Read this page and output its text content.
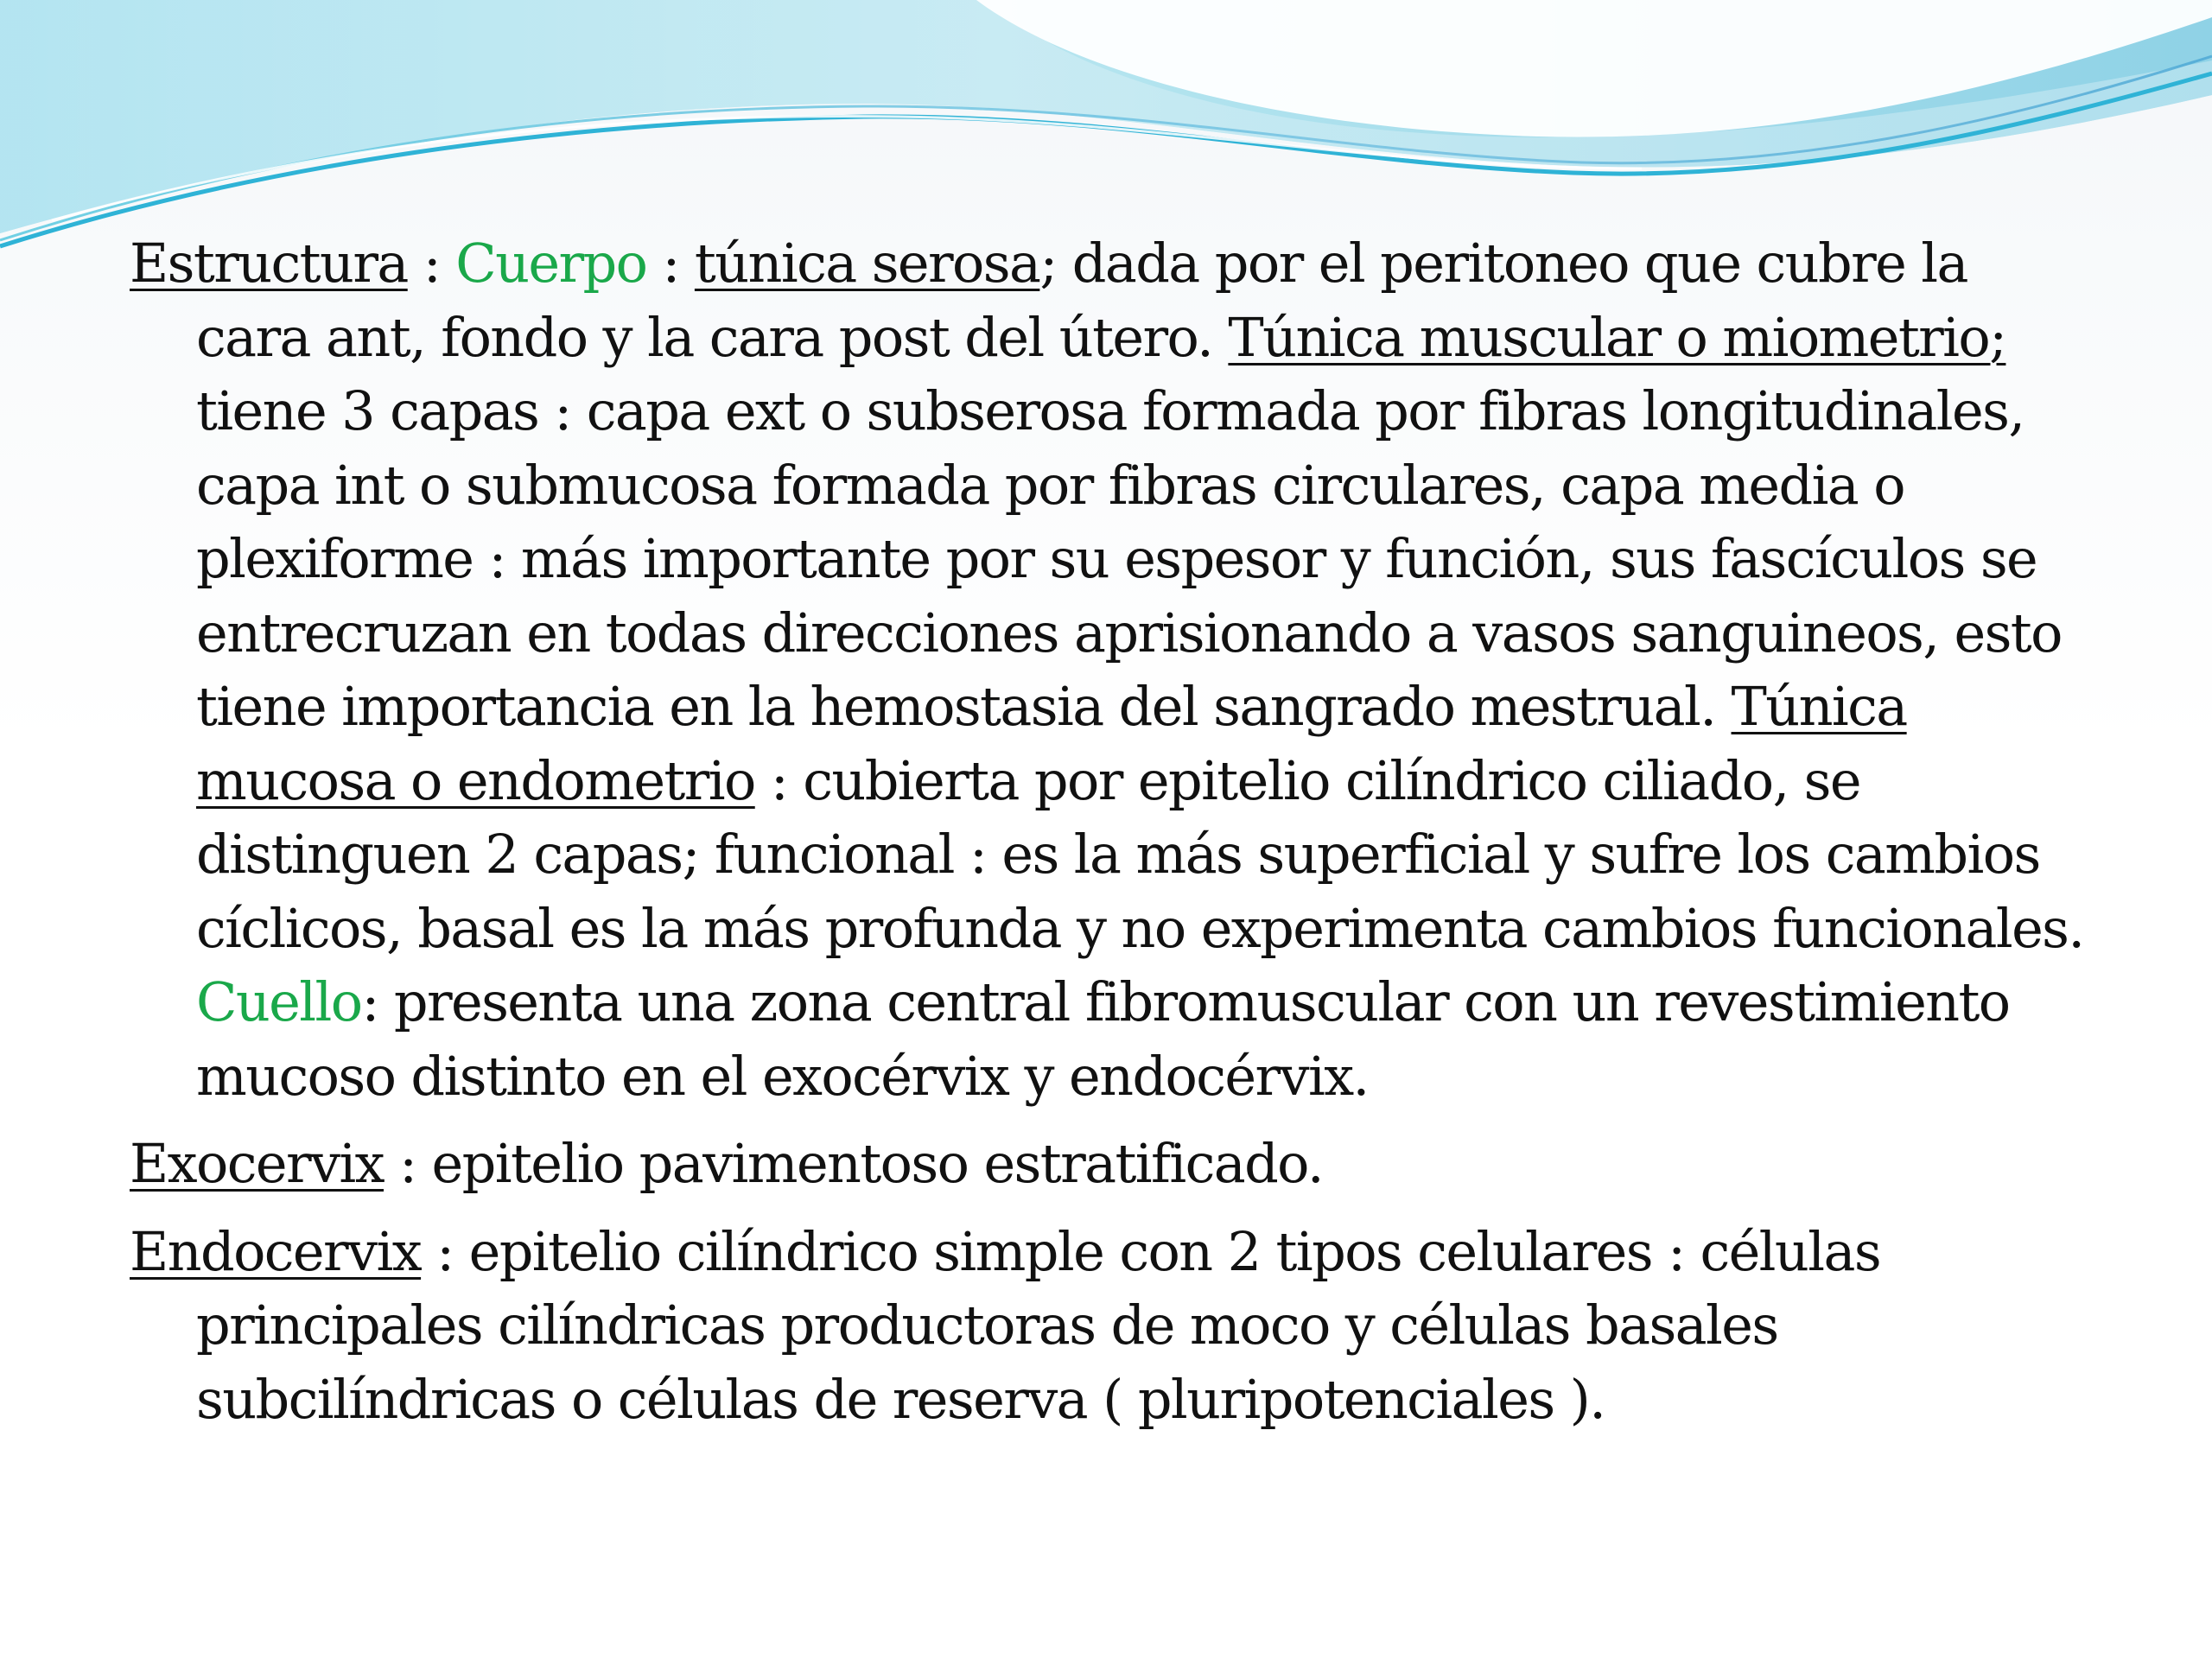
Estructura : Cuerpo : túnica serosa; dada por el peritoneo que cubre la cara ant, fondo y la cara post del útero. Túnica muscular o miometrio; tiene 3 capas : capa ext o subserosa formada por fibras longitudinales, capa int o submucosa formada por fibras circulares, capa media o plexiforme : más importante por su espesor y función, sus fascículos se entrecruzan en todas direcciones aprisionando a vasos sanguineos, esto tiene importancia en la hemostasia del sangrado mestrual. Túnica mucosa o endometrio : cubierta por epitelio cilíndrico ciliado, se distinguen 2 capas; funcional : es la más superficial y sufre los cambios cíclicos, basal es la más profunda y no experimenta cambios funcionales. Cuello: presenta una zona central fibromuscular con un revestimiento mucoso distinto en el exocérvix y endocérvix.

Exocervix : epitelio pavimentoso estratificado.

Endocervix : epitelio cilíndrico simple con 2 tipos celulares : células principales cilíndricas productoras de moco y células basales subcilíndricas o células de reserva ( pluripotenciales ).
